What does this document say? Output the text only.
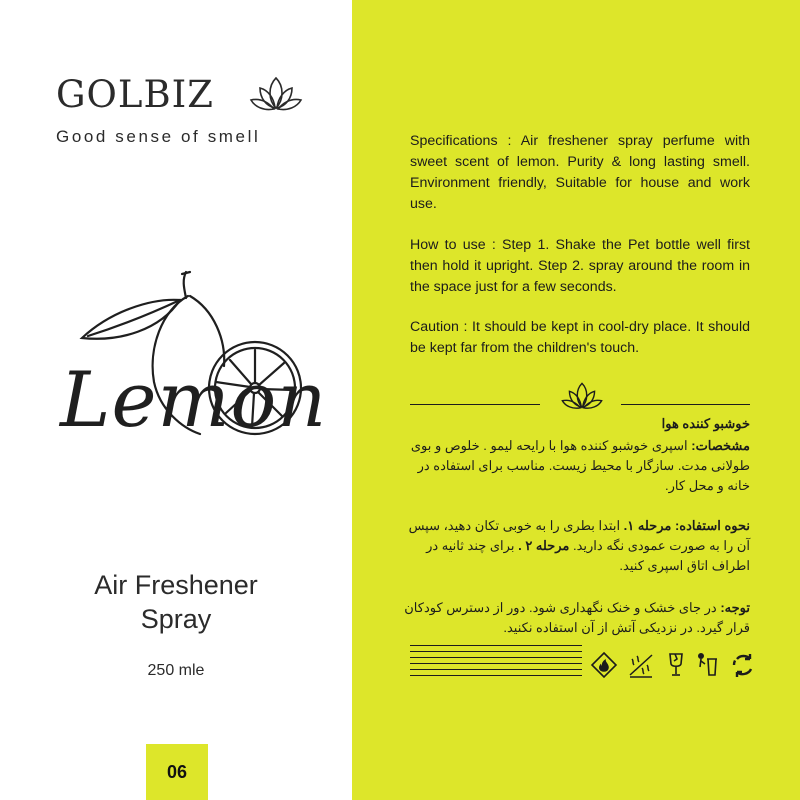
GOLBIZ
Good sense of smell
Lemon
Air Freshener
Spray
250 mle
06
Specifications : Air freshener spray perfume with sweet scent of lemon. Purity & long lasting smell. Environment friendly, Suitable for house and work use.
How to use : Step 1. Shake the Pet bottle well first then hold it upright. Step 2. spray around the room in the space just for a few seconds.
Caution : It should be kept in cool-dry place. It should be kept far from the children's touch.
خوشبو کننده هوا
مشخصات: اسپری خوشبو کننده هوا با رایحه لیمو . خلوص و بوی طولانی مدت. سازگار با محیط زیست. مناسب برای استفاده در خانه و محل کار.
نحوه استفاده: مرحله ۱. ابتدا بطری را به خوبی تکان دهید، سپس آن را به صورت عمودی نگه دارید. مرحله ۲ . برای چند ثانیه در اطراف اتاق اسپری کنید.
توجه: در جای خشک و خنک نگهداری شود. دور از دسترس کودکان قرار گیرد. در نزدیکی آتش از آن استفاده نکنید.
